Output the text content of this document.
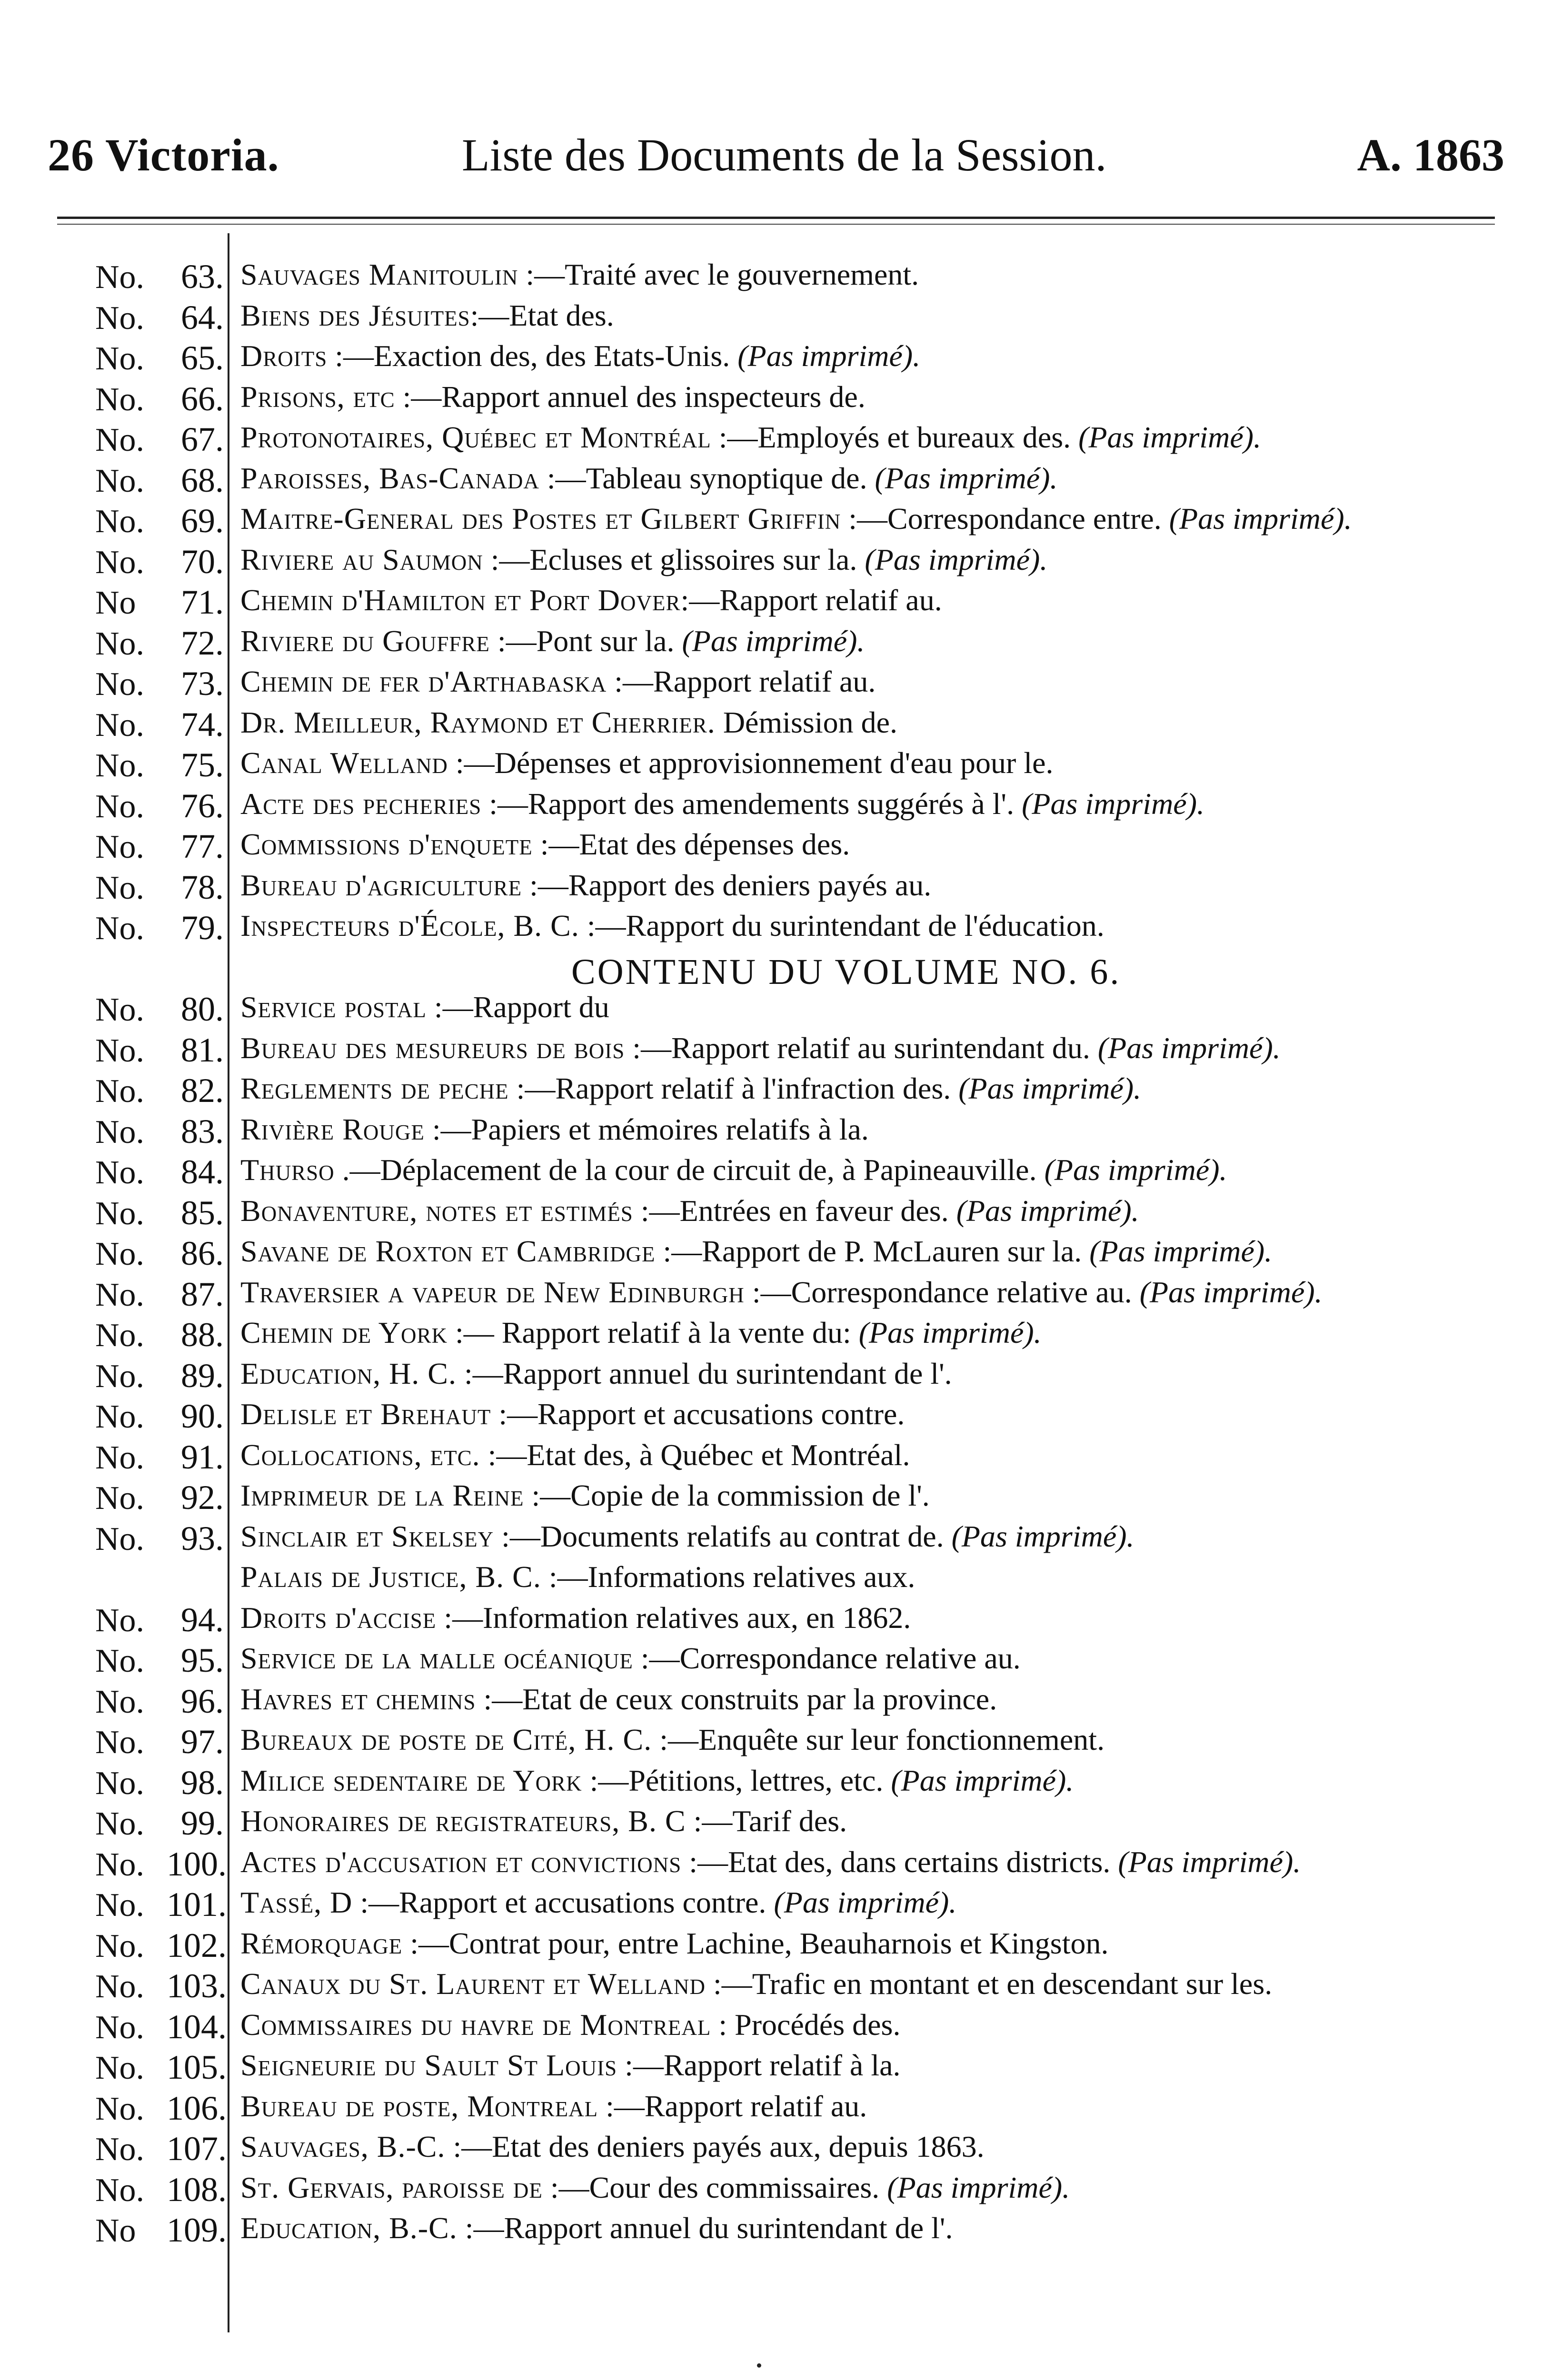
26 Victoria.	Liste des Documents de la Session.	A. 1863
No. 63. Sauvages Manitoulin :—Traité avec le gouvernement.
No. 64. Biens des Jésuites:—Etat des.
No. 65. Droits :—Exaction des, des Etats-Unis. (Pas imprimé).
No. 66. Prisons, etc :—Rapport annuel des inspecteurs de.
No. 67. Protonotaires, Québec et Montréal :—Employés et bureaux des. (Pas imprimé).
No. 68. Paroisses, Bas-Canada :—Tableau synoptique de. (Pas imprimé).
No. 69. Maitre-General des Postes et Gilbert Griffin :—Correspondance entre. (Pas imprimé).
No. 70. Riviere au Saumon :—Ecluses et glissoires sur la. (Pas imprimé).
No 71. Chemin d'Hamilton et Port Dover:—Rapport relatif au.
No. 72. Riviere du Gouffre :—Pont sur la. (Pas imprimé).
No. 73. Chemin de fer d'Arthabaska :—Rapport relatif au.
No. 74. Dr. Meilleur, Raymond et Cherrier. Démission de.
No. 75. Canal Welland :—Dépenses et approvisionnement d'eau pour le.
No. 76. Acte des pecheries :—Rapport des amendements suggérés à l'. (Pas imprimé).
No. 77. Commissions d'enquete :—Etat des dépenses des.
No. 78. Bureau d'agriculture :—Rapport des deniers payés au.
No. 79. Inspecteurs d'École, B. C. :—Rapport du surintendant de l'éducation.
CONTENU DU VOLUME NO. 6.
No. 80. Service postal :—Rapport du
No. 81. Bureau des mesureurs de bois :—Rapport relatif au surintendant du. (Pas imprimé).
No. 82. Reglements de peche :—Rapport relatif à l'infraction des. (Pas imprimé).
No. 83. Rivière Rouge :—Papiers et mémoires relatifs à la.
No. 84. Thurso .—Déplacement de la cour de circuit de, à Papineauville. (Pas imprimé).
No. 85. Bonaventure, notes et estimés :—Entrées en faveur des. (Pas imprimé).
No. 86. Savane de Roxton et Cambridge :—Rapport de P. McLauren sur la. (Pas imprimé).
No. 87. Traversier a vapeur de New Edinburgh :—Correspondance relative au. (Pas imprimé).
No. 88. Chemin de York :— Rapport relatif à la vente du: (Pas imprimé).
No. 89. Education, H. C. :—Rapport annuel du surintendant de l'.
No. 90. Delisle et Brehaut :—Rapport et accusations contre.
No. 91. Collocations, etc. :—Etat des, à Québec et Montréal.
No. 92. Imprimeur de la Reine :—Copie de la commission de l'.
No. 93. Sinclair et Skelsey :—Documents relatifs au contrat de. (Pas imprimé).
Palais de Justice, B. C. :—Informations relatives aux.
No. 94. Droits d'accise :—Information relatives aux, en 1862.
No. 95. Service de la malle océanique :—Correspondance relative au.
No. 96. Havres et chemins :—Etat de ceux construits par la province.
No. 97. Bureaux de poste de Cité, H. C. :—Enquête sur leur fonctionnement.
No. 98. Milice sedentaire de York :—Pétitions, lettres, etc. (Pas imprimé).
No. 99. Honoraires de registrateurs, B. C :—Tarif des.
No. 100. Actes d'accusation et convictions :—Etat des, dans certains districts. (Pas imprimé).
No. 101. Tassé, D :—Rapport et accusations contre. (Pas imprimé).
No. 102. Rémorquage :—Contrat pour, entre Lachine, Beauharnois et Kingston.
No. 103. Canaux du St. Laurent et Welland :—Trafic en montant et en descendant sur les.
No. 104. Commissaires du havre de Montreal : Procédés des.
No. 105. Seigneurie du Sault St Louis :—Rapport relatif à la.
No. 106. Bureau de poste, Montreal :—Rapport relatif au.
No. 107. Sauvages, B.-C. :—Etat des deniers payés aux, depuis 1863.
No. 108. St. Gervais, paroisse de :—Cour des commissaires. (Pas imprimé).
No 109. Education, B.-C. :—Rapport annuel du surintendant de l'.
